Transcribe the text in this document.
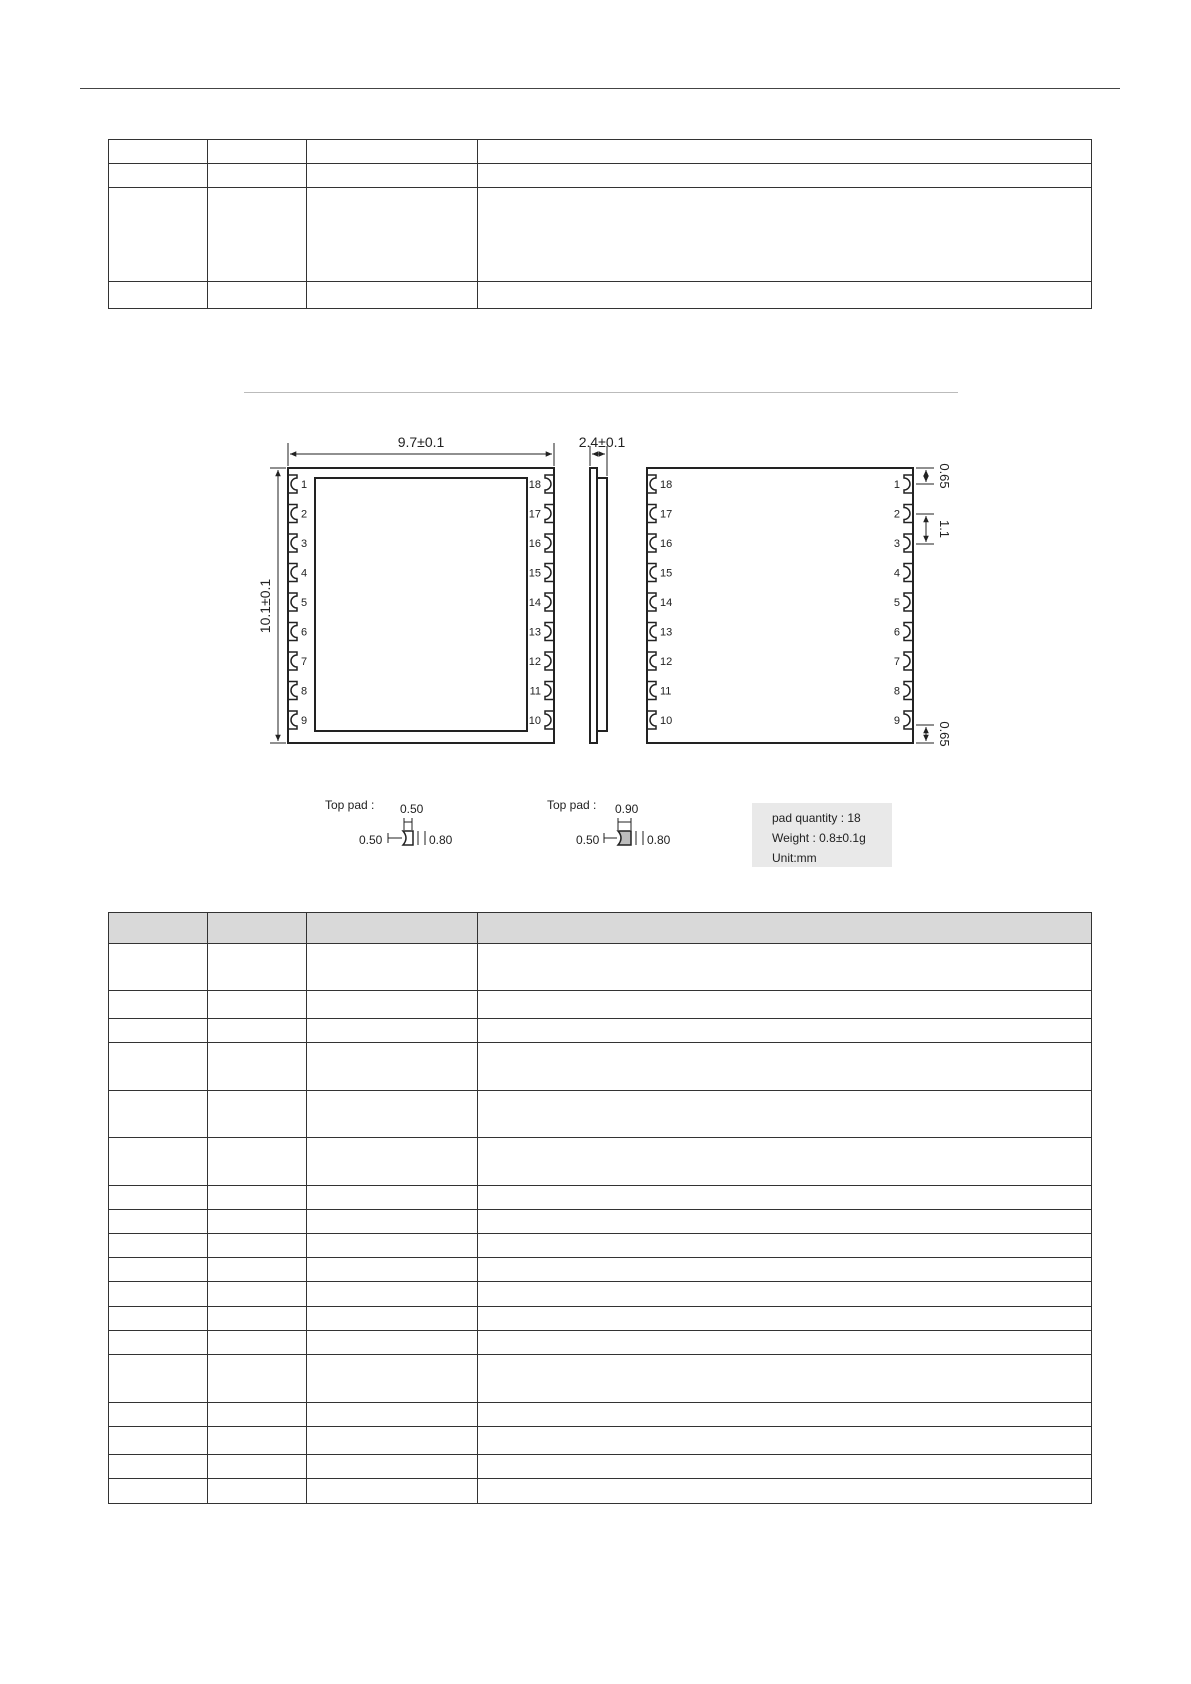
1
2
3
4
5
6
7
8
9
18
17
16
15
14
13
12
11
10
9.7±0.1
10.1±0.1
2.4±0.1
18
17
16
15
14
13
12
11
10
1
2
3
4
5
6
7
8
9
0.65
1.1
0.65
Top pad : 0.50
0.50	0.80
Top pad : 0.90
0.50	0.80
pad quantity : 18
Weight : 0.8±0.1g
Unit:mm
